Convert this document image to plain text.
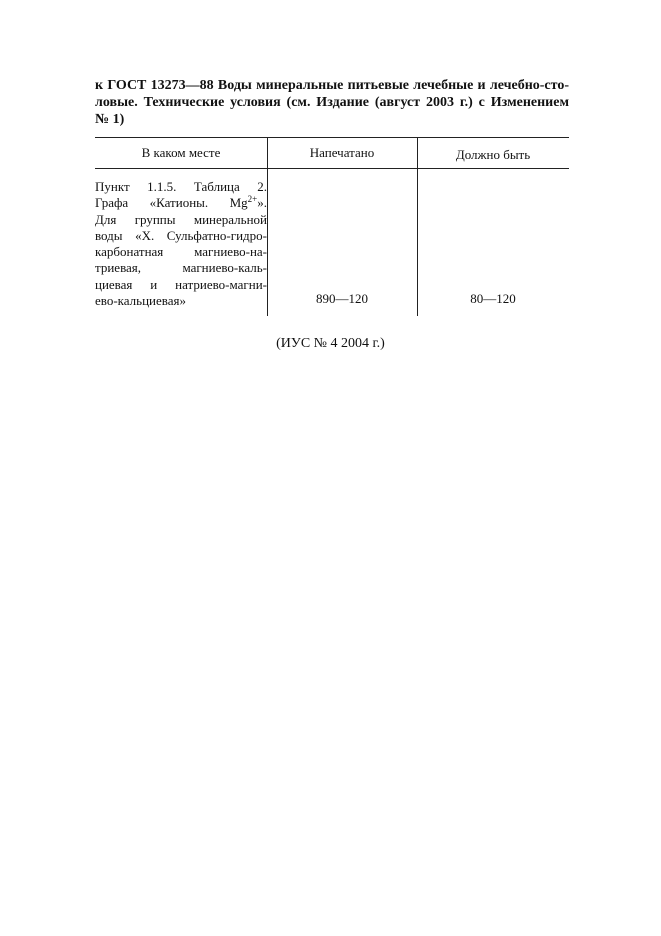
к ГОСТ 13273—88 Воды минеральные питьевые лечебные и лечебно-сто-
ловые. Технические условия (см. Издание (август 2003 г.) с Изменением
№ 1)
В каком месте	Напечатано	Должно быть
Пункт 1.1.5. Таблица 2.
Графа «Катионы. $Mg^{2+}$».
Для группы минеральной
воды «X. Сульфатно-гидро-
карбонатная магниево-на-
триевая, магниево-каль-
циевая и натриево-магни-
ево-кальциевая»	890—120	80—120
(ИУС № 4 2004 г.)
